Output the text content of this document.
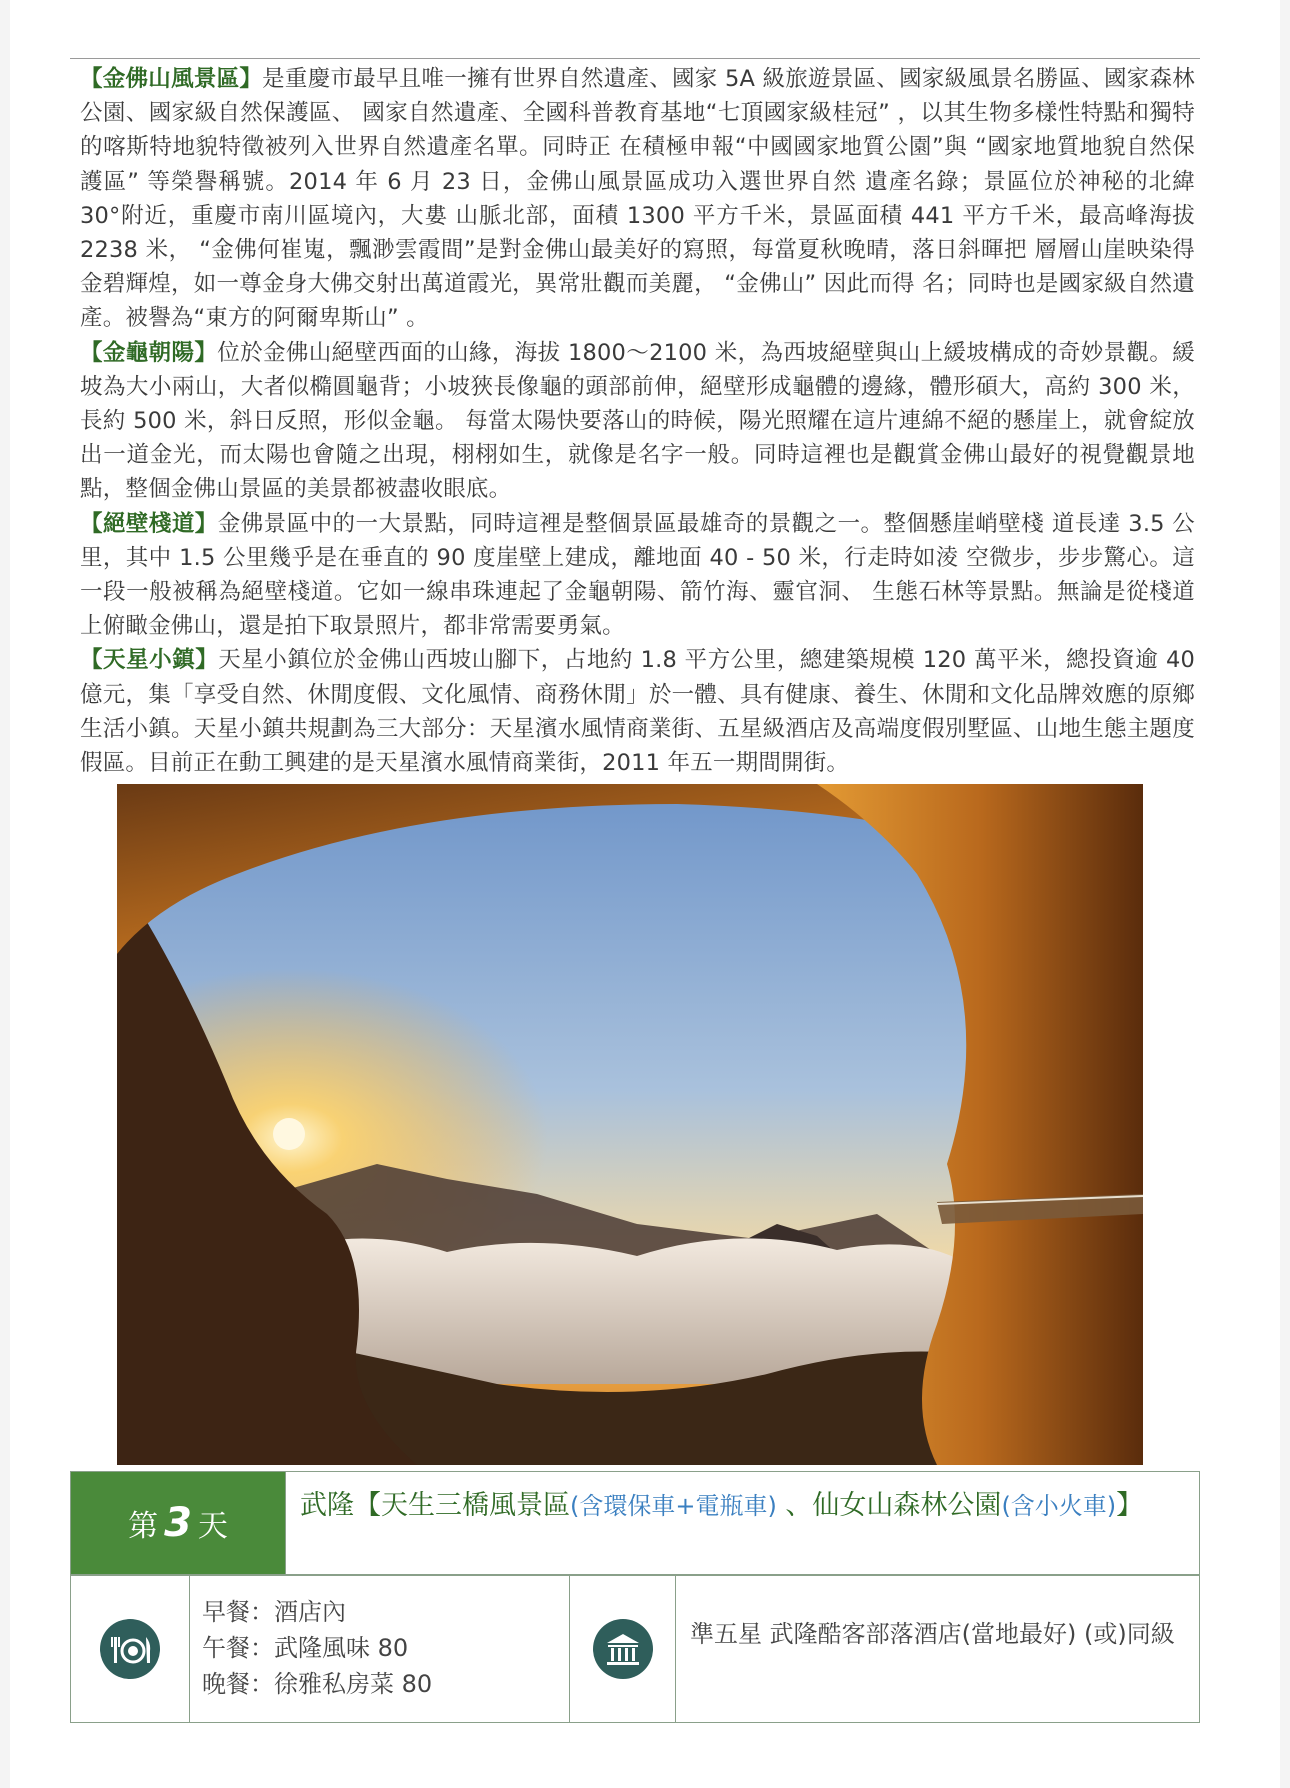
【金佛山風景區】是重慶市最早且唯一擁有世界自然遺產、國家 5A 級旅遊景區、國家級風景名勝區、國家森林公園、國家級自然保護區、 國家自然遺產、全國科普教育基地“七頂國家級桂冠” ，以其生物多樣性特點和獨特的喀斯特地貌特徵被列入世界自然遺產名單。同時正 在積極申報“中國國家地質公園”與 “國家地質地貌自然保護區” 等榮譽稱號。2014 年 6 月 23 日，金佛山風景區成功入選世界自然 遺產名錄；景區位於神秘的北緯 30°附近，重慶市南川區境內，大婁 山脈北部，面積 1300 平方千米，景區面積 441 平方千米，最高峰海拔 2238 米， “金佛何崔嵬，飄渺雲霞間”是對金佛山最美好的寫照，每當夏秋晚晴，落日斜暉把 層層山崖映染得金碧輝煌，如一尊金身大佛交射出萬道霞光，異常壯觀而美麗， “金佛山” 因此而得 名；同時也是國家級自然遺產。被譽為“東方的阿爾卑斯山” 。

【金龜朝陽】位於金佛山絕壁西面的山緣，海拔 1800～2100 米，為西坡絕壁與山上緩坡構成的奇妙景觀。緩坡為大小兩山，大者似橢圓龜背；小坡狹長像龜的頭部前伸，絕壁形成龜體的邊緣，體形碩大，高約 300 米，長約 500 米，斜日反照，形似金龜。 每當太陽快要落山的時候，陽光照耀在這片連綿不絕的懸崖上，就會綻放出一道金光，而太陽也會隨之出現，栩栩如生，就像是名字一般。同時這裡也是觀賞金佛山最好的視覺觀景地點，整個金佛山景區的美景都被盡收眼底。

【絕壁棧道】金佛景區中的一大景點，同時這裡是整個景區最雄奇的景觀之一。整個懸崖峭壁棧 道長達 3.5 公里，其中 1.5 公里幾乎是在垂直的 90 度崖壁上建成，離地面 40 - 50 米，行走時如淩 空微步，步步驚心。這一段一般被稱為絕壁棧道。它如一線串珠連起了金龜朝陽、箭竹海、靈官洞、 生態石林等景點。無論是從棧道上俯瞰金佛山，還是拍下取景照片，都非常需要勇氣。

【天星小鎮】天星小鎮位於金佛山西坡山腳下，占地約 1.8 平方公里，總建築規模 120 萬平米，總投資逾 40 億元，集「享受自然、休閒度假、文化風情、商務休閒」於一體、具有健康、養生、休閒和文化品牌效應的原鄉生活小鎮。天星小鎮共規劃為三大部分：天星濱水風情商業街、五星級酒店及高端度假別墅區、山地生態主題度假區。目前正在動工興建的是天星濱水風情商業街，2011 年五一期間開街。

第 3 天
武隆【天生三橋風景區(含環保車+電瓶車) 、仙女山森林公園(含小火車)】
早餐：酒店內
午餐：武隆風味 80
晚餐：徐雅私房菜 80
準五星 武隆酷客部落酒店(當地最好) (或)同級
